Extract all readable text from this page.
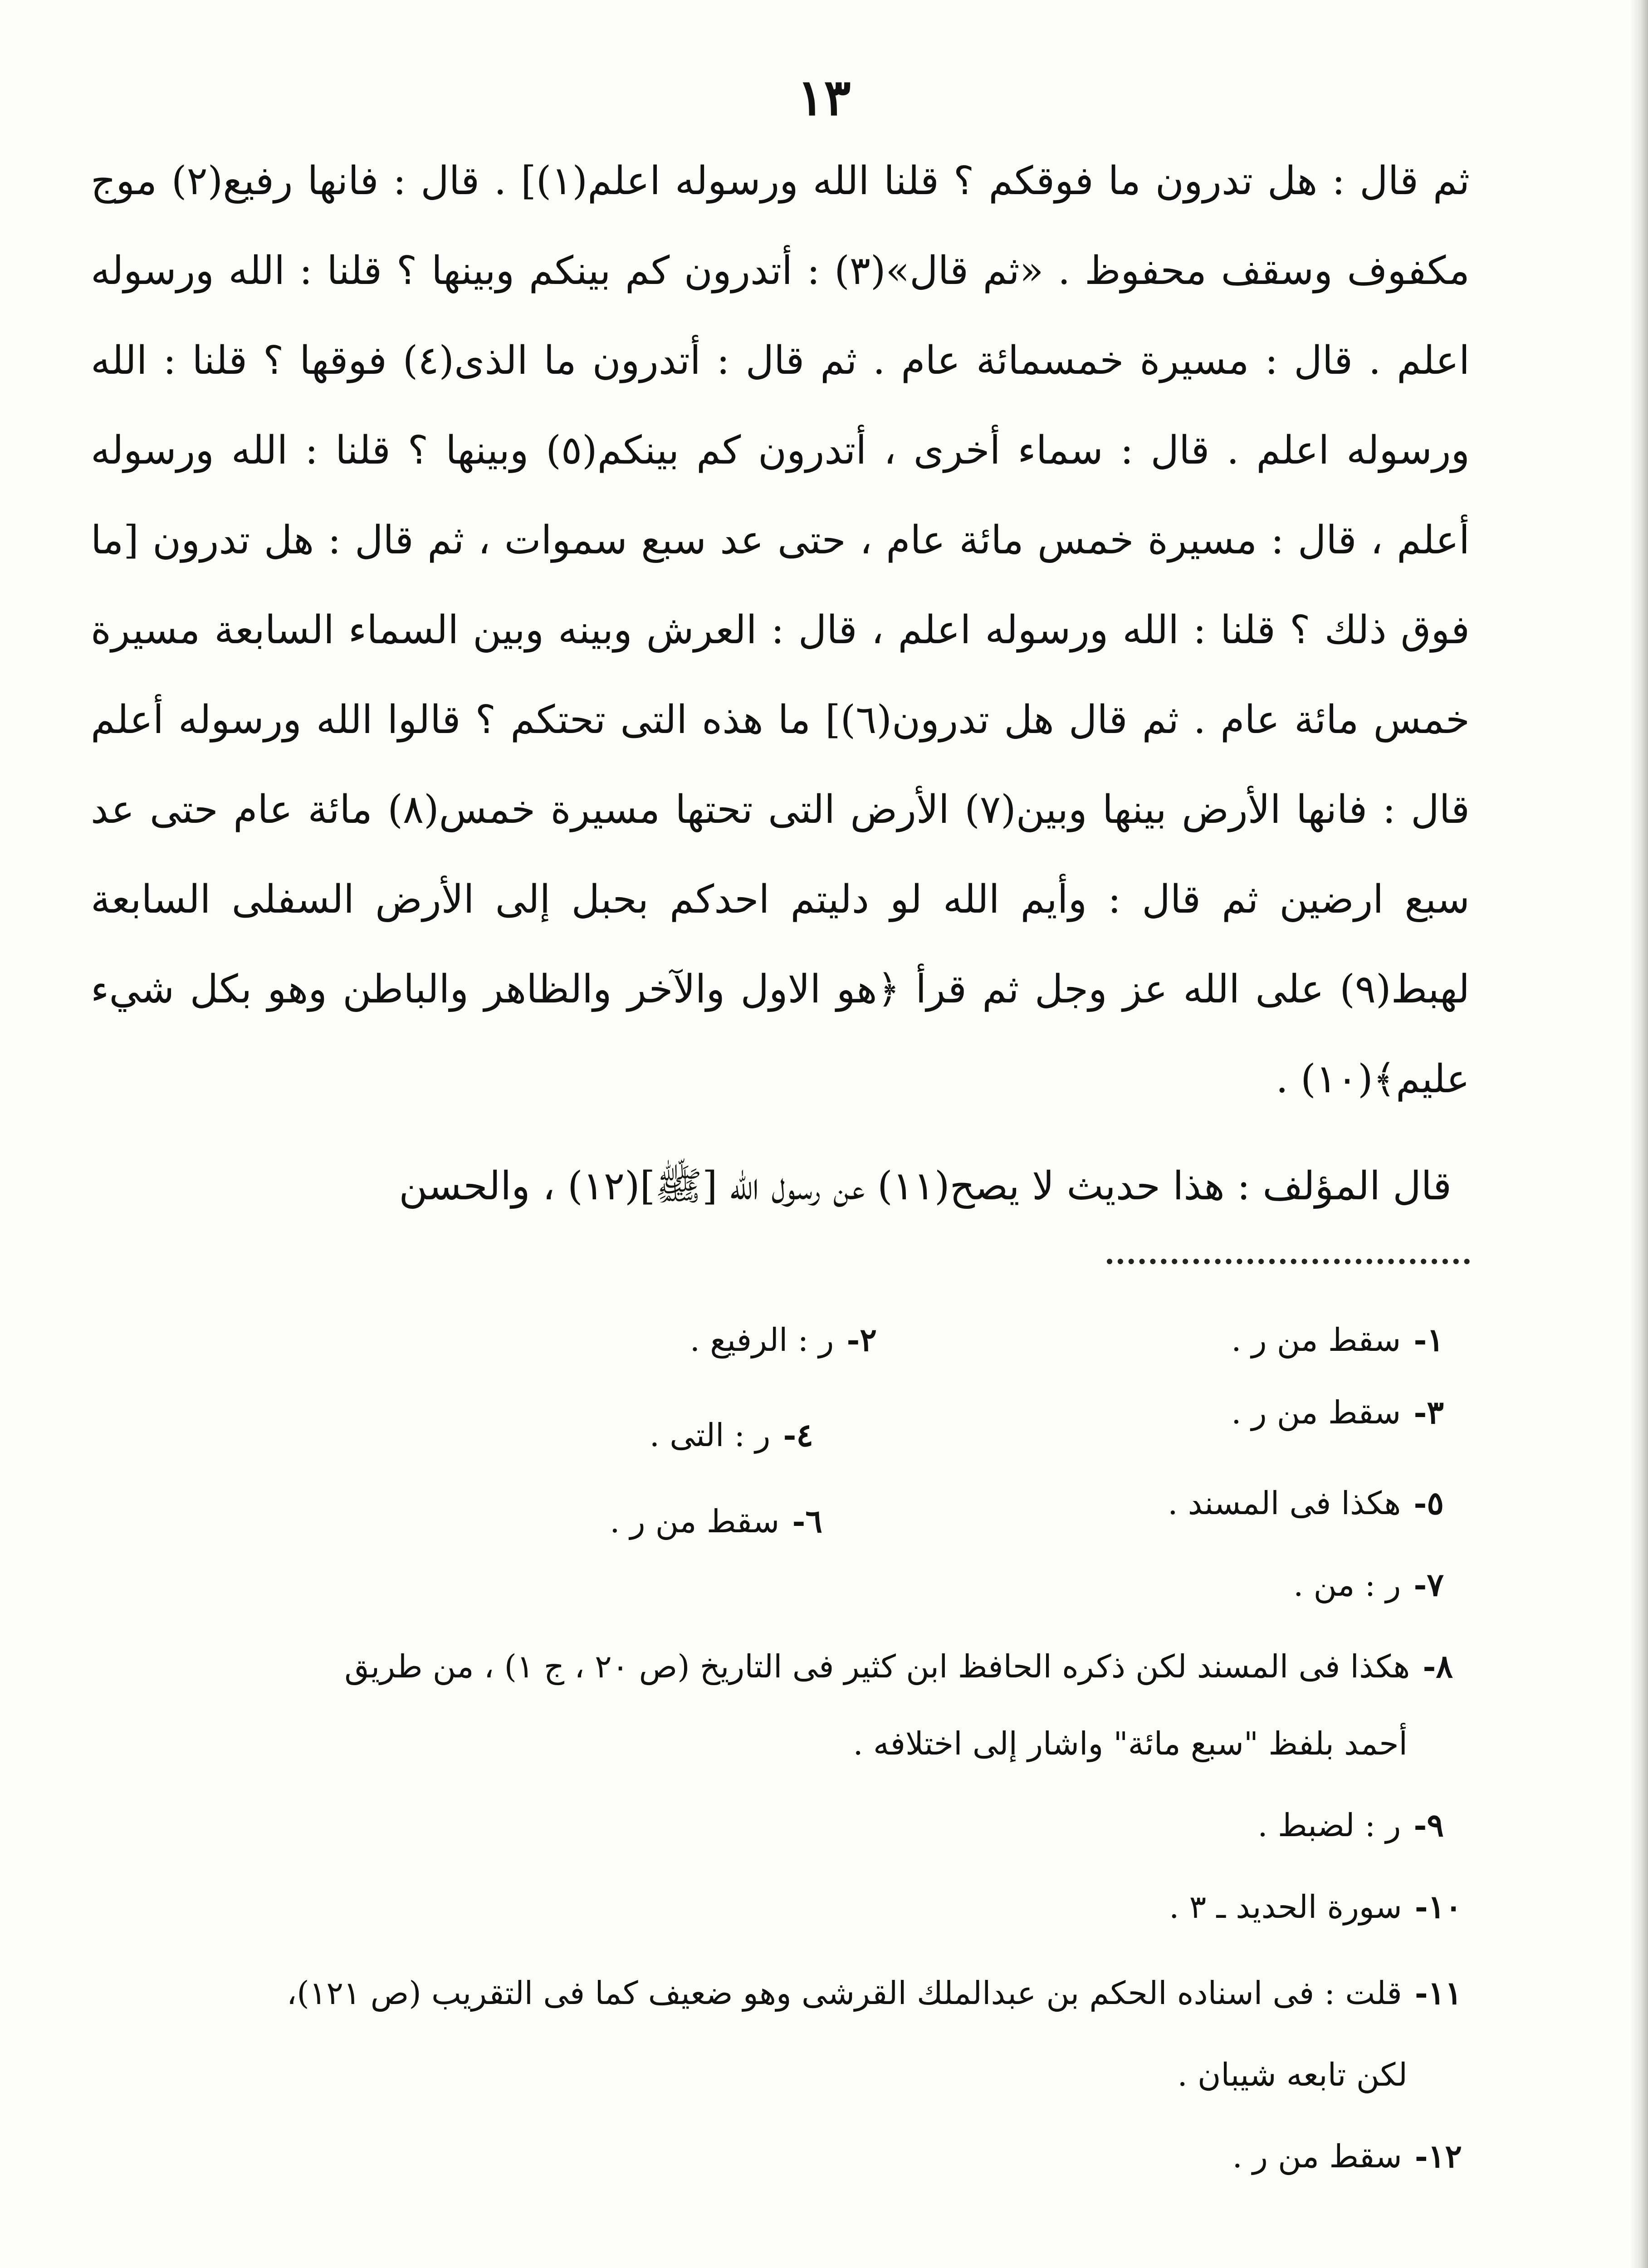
١٣

ثم قال : هل تدرون ما فوقكم ؟ قلنا الله ورسوله اعلم(١)] . قال : فانها رفيع(٢) موج مكفوف وسقف محفوظ . «ثم قال»(٣) : أتدرون كم بينكم وبينها ؟ قلنا : الله ورسوله اعلم . قال : مسيرة خمسمائة عام . ثم قال : أتدرون ما الذى(٤) فوقها ؟ قلنا : الله ورسوله اعلم . قال : سماء أخرى ، أتدرون كم بينكم(٥) وبينها ؟ قلنا : الله ورسوله أعلم ، قال : مسيرة خمس مائة عام ، حتى عد سبع سموات ، ثم قال : هل تدرون [ما فوق ذلك ؟ قلنا : الله ورسوله اعلم ، قال : العرش وبينه وبين السماء السابعة مسيرة خمس مائة عام . ثم قال هل تدرون(٦)] ما هذه التى تحتكم ؟ قالوا الله ورسوله أعلم قال : فانها الأرض بينها وبين(٧) الأرض التى تحتها مسيرة خمس(٨) مائة عام حتى عد سبع ارضين ثم قال : وأيم الله لو دليتم احدكم بحبل إلى الأرض السفلى السابعة لهبط(٩) على الله عز وجل ثم قرأ ﴿هو الاول والآخر والظاهر والباطن وهو بكل شيء عليم﴾(١٠) .

قال المؤلف : هذا حديث لا يصح(١١) عن رسول الله [ﷺ](١٢) ، والحسن
١-سقط من ر .
٢-ر : الرفيع .
٣-سقط من ر .
٤-ر : التى .
٥-هكذا فى المسند .
٦-سقط من ر .
٧-ر : من .
٨-هكذا فى المسند لكن ذكره الحافظ ابن كثير فى التاريخ (ص ٢٠ ، ج ١) ، من طريق
أحمد بلفظ "سبع مائة" واشار إلى اختلافه .
٩-ر : لضبط .
١٠-سورة الحديد ـ ٣ .
١١-قلت : فى اسناده الحكم بن عبدالملك القرشى وهو ضعيف كما فى التقريب (ص ١٢١)،
لكن تابعه شيبان .
١٢-سقط من ر .
